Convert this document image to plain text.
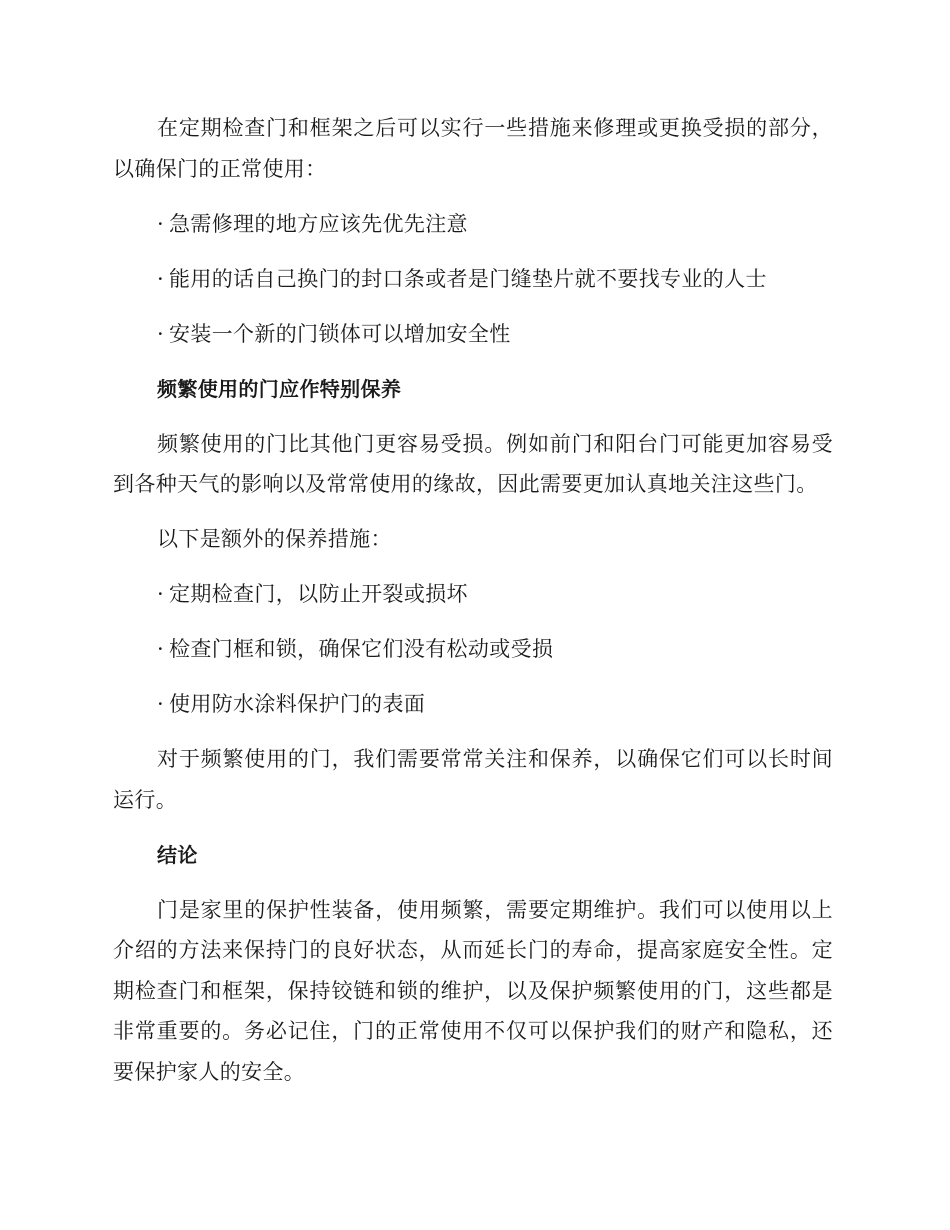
在定期检查门和框架之后可以实行一些措施来修理或更换受损的部分，以确保门的正常使用：

· 急需修理的地方应该先优先注意

· 能用的话自己换门的封口条或者是门缝垫片就不要找专业的人士

· 安装一个新的门锁体可以增加安全性

频繁使用的门应作特别保养

频繁使用的门比其他门更容易受损。例如前门和阳台门可能更加容易受到各种天气的影响以及常常使用的缘故，因此需要更加认真地关注这些门。

以下是额外的保养措施：

· 定期检查门，以防止开裂或损坏

· 检查门框和锁，确保它们没有松动或受损

· 使用防水涂料保护门的表面

对于频繁使用的门，我们需要常常关注和保养，以确保它们可以长时间运行。

结论

门是家里的保护性装备，使用频繁，需要定期维护。我们可以使用以上介绍的方法来保持门的良好状态，从而延长门的寿命，提高家庭安全性。定期检查门和框架，保持铰链和锁的维护，以及保护频繁使用的门，这些都是非常重要的。务必记住，门的正常使用不仅可以保护我们的财产和隐私，还要保护家人的安全。
